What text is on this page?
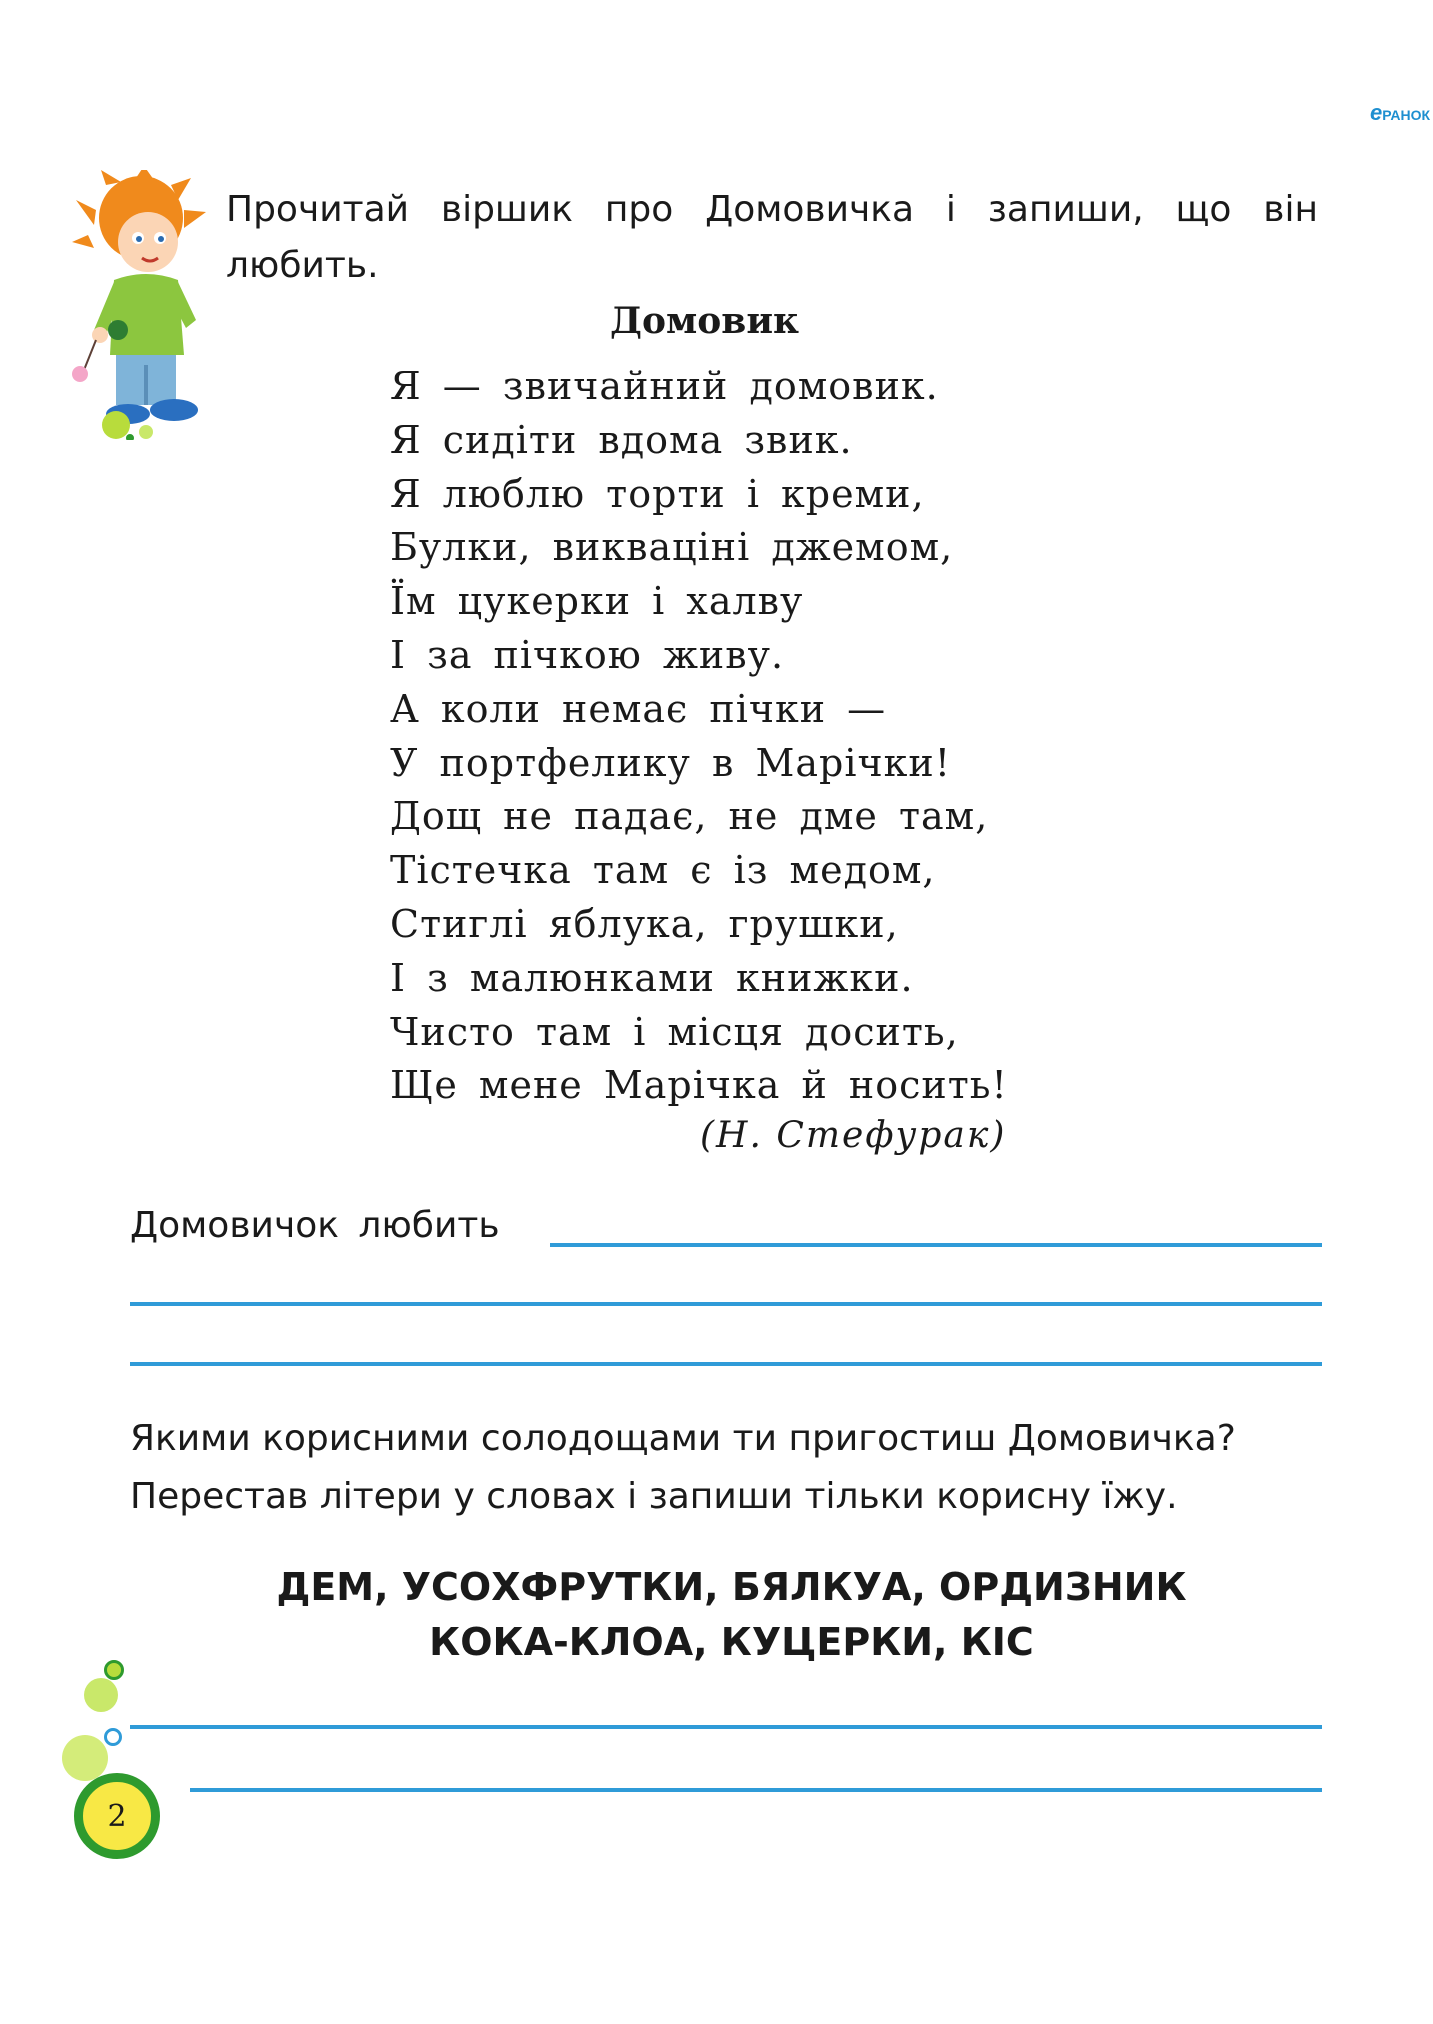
eРАНОК
Прочитай віршик про Домовичка і запиши, що він любить.
Домовик
Я — звичайний домовик.
Я сидіти вдома звик.
Я люблю торти і креми,
Булки, викваціні джемом,
Їм цукерки і халву
І за пічкою живу.
А коли немає пічки —
У портфелику в Марічки!
Дощ не падає, не дме там,
Тістечка там є із медом,
Стиглі яблука, грушки,
І з малюнками книжки.
Чисто там і місця досить,
Ще мене Марічка й носить!
(Н. Стефурак)
Домовичок любить
Якими корисними солодощами ти пригостиш Домовичка?
Перестав літери у словах і запиши тільки корисну їжу.
ДЕМ, УСОХФРУТКИ, БЯЛКУА, ОРДИЗНИК
КОКА-КЛОА, КУЦЕРКИ, КІС
2
